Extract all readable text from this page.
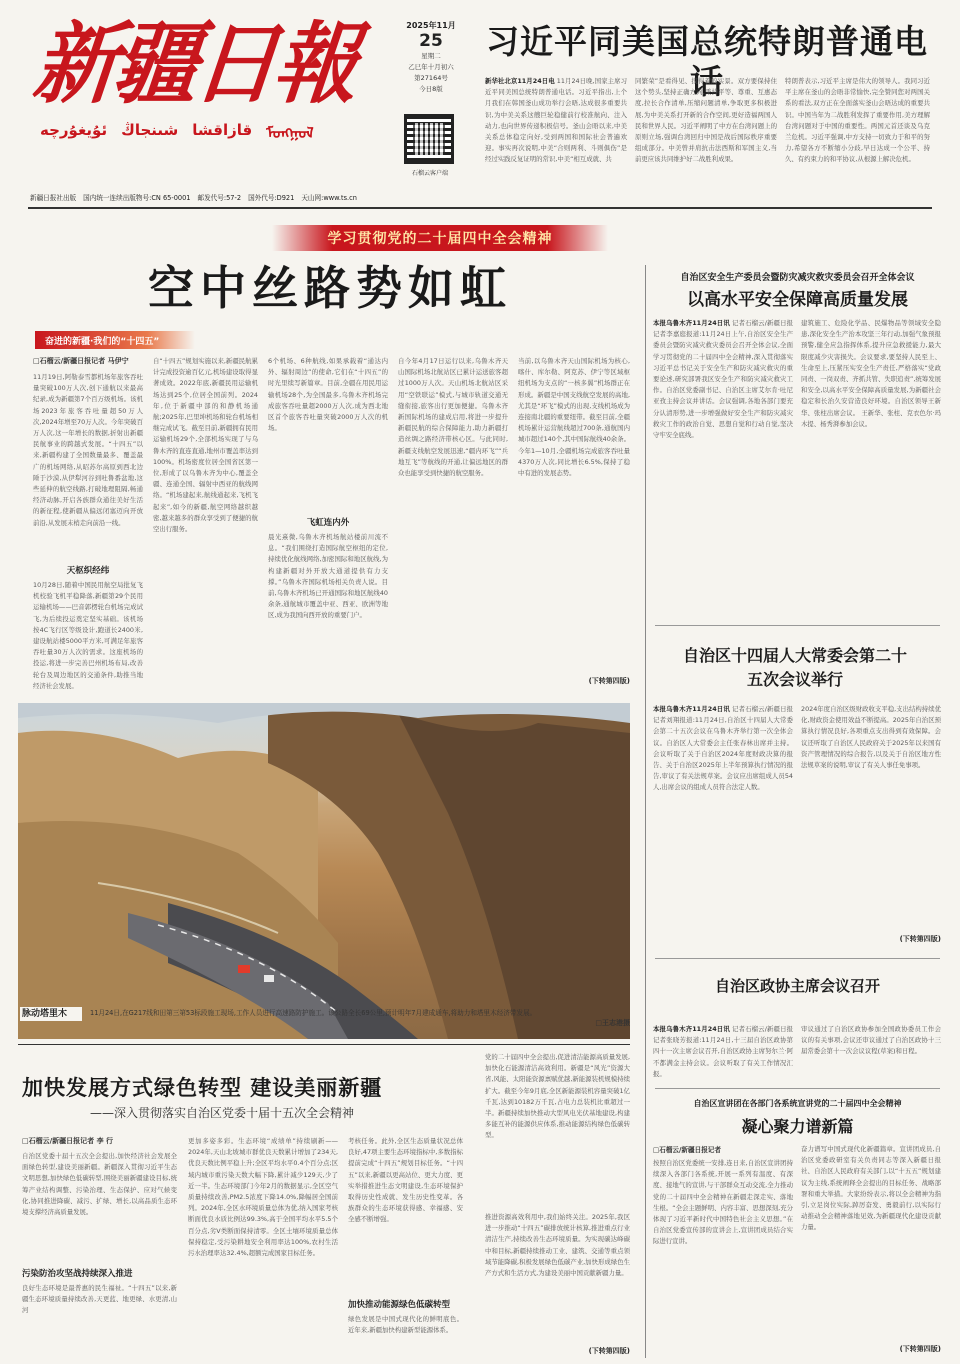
新疆日報
ئۇيغۇرچە شىنجاڭ قازاقشا ᠮᠣᠩᠭᠣᠯ
2025年11月
25
星期二
乙巳年十月初六
第27164号
今日8版
石榴云客户端
新疆日报社出版 国内统一连续出版物号:CN 65-0001 邮发代号:57-2 国外代号:D921 天山网:www.ts.cn
习近平同美国总统特朗普通电话
新华社北京11月24日电 11月24日晚,国家主席习近平同美国总统特朗普通电话。习近平指出,上个月我们在韩国釜山成功举行会晤,达成很多重要共识,为中美关系这艘巨轮稳健前行校准航向、注入动力,也向世界传递积极信号。釜山会晤以来,中美关系总体稳定向好,受到两国和国际社会普遍欢迎。事实再次说明,中美“合则两利、斗则俱伤”是经过实践反复证明的常识,中美“相互成就、共
同繁荣”是看得见、摸得着的实景。双方要保持住这个势头,坚持正确方向,秉持平等、尊重、互惠态度,拉长合作清单,压缩问题清单,争取更多积极进展,为中美关系打开新的合作空间,更好造福两国人民和世界人民。习近平阐明了中方在台湾问题上的原则立场,强调台湾回归中国是战后国际秩序重要组成部分。中美曾并肩抗击法西斯和军国主义,当前更应该共同维护好二战胜利成果。
特朗普表示,习近平主席是伟大的领导人。我同习近平主席在釜山的会晤非常愉快,完全赞同您对两国关系的看法,双方正在全面落实釜山会晤达成的重要共识。中国当年为二战胜利发挥了重要作用,美方理解台湾问题对于中国的重要性。两国元首还谈及乌克兰危机。习近平强调,中方支持一切致力于和平的努力,希望各方不断缩小分歧,早日达成一个公平、持久、有约束力的和平协议,从根源上解决危机。
学习贯彻党的二十届四中全会精神
空中丝路势如虹
奋进的新疆·我们的“十四五”
□石榴云/新疆日报记者 马伊宁
11月19日,阿勒泰雪都机场年旅客吞吐量突破100万人次,创下通航以来最高纪录,成为新疆第7个百万级机场。该机场2023年旅客吞吐量超50万人次,2024年增至70万人次。今年突破百万人次,这一年增长的数据,折射出新疆民航事业的跨越式发展。“十四五”以来,新疆构建了全国数量最多、覆盖最广的机场网络,从昭苏尔高原到西北边陲于沙漠,从伊犁河谷到吐鲁番盆地,这些延伸的航空线路,打破地理阻隔,畅通经济动脉,开启各族群众通往美好生活的新征程,使新疆从偏远闭塞迈向开放前沿,从发展末梢走向前沿一线。
天枢织经纬
10月28日,随着中国民用航空局批复飞机校验飞机平稳降落,新疆第29个民用运输机场——巴音郭楞轮台机场完成试飞,为后续投运奠定坚实基础。该机场按4C飞行区等级设计,跑道长2400米,建设航站楼5000平方米,可满足年旅客吞吐量30万人次的需求。这座机场的投运,将进一步完善巴州机场布局,改善轮台及周边地区的交通条件,助推当地经济社会发展。
自“十四五”规划实施以来,新疆民航累计完成投资逾百亿元,机场建设取得显著成效。2022年底,新疆民用运输机场达到25个,位居全国前列。2024年,位于新疆中部的和静机场通航;2025年,巴里坤机场和轮台机场相继完成试飞。截至目前,新疆拥有民用运输机场29个,全部机场实现了与乌鲁木齐的直连直通,地州市覆盖率达到100%。机场密度位居全国省区第一位,形成了以乌鲁木齐为中心,覆盖全疆、连通全国、辐射中西亚的航线网络。“机场建起来,航线通起来,飞机飞起来”,如今的新疆,航空网络越织越密,越来越多的群众享受到了便捷的航空出行服务。
6个机场、6种航线,如果承载着“通达内外、辐射周边”的使命,它们在“十四五”的时光里续写新篇章。目前,全疆在用民用运输机场28个,为全国最多,乌鲁木齐机场完成旅客吞吐量超2000万人次,成为西北地区首个旅客吞吐量突破2000万人次的机场。
飞虹连内外
晨光熹微,乌鲁木齐机场航站楼前川流不息。“我们围绕打造国际航空枢纽的定位,持续优化航线网络,加密国际和地区航线,为构建新疆对外开放大通道提供有力支撑。”乌鲁木齐国际机场相关负责人说。目前,乌鲁木齐机场已开通国际和地区航线40余条,通航城市覆盖中亚、西亚、欧洲等地区,成为我国向西开放的重要门户。
自今年4月17日运行以来,乌鲁木齐天山国际机场北航站区已累计运送旅客超过1000万人次。天山机场北航站区采用“空铁联运”模式,与城市轨道交通无缝衔接,旅客出行更加便捷。乌鲁木齐新国际机场的建成启用,将进一步提升新疆民航的综合保障能力,助力新疆打造丝绸之路经济带核心区。与此同时,新疆支线航空发展迅速,“疆内环飞”“兵地互飞”等航线的开通,让偏远地区的群众也能享受到快捷的航空服务。
当前,以乌鲁木齐天山国际机场为核心,喀什、库尔勒、阿克苏、伊宁等区域枢纽机场为支点的“一核多翼”机场群正在形成。新疆是中国支线航空发展的高地,尤其是“环飞”模式的出现,支线机场成为连接南北疆的重要纽带。截至目前,全疆机场累计运营航线超过700条,通航国内城市超过140个,其中国际航线40余条。今年1—10月,全疆机场完成旅客吞吐量4370万人次,同比增长6.5%,保持了稳中有进的发展态势。
(下转第四版)
脉动塔里木	11月24日,在G217线和田第三第53标段施工现场,工作人员进行高速路防护施工。该公路全长69公里,预计明年7月建成通车,将助力和塔里木经济带发展。
□王志港摄
加快发展方式绿色转型 建设美丽新疆
——深入贯彻落实自治区党委十届十五次全会精神
□石榴云/新疆日报记者 李 行
自治区党委十届十五次全会提出,加快经济社会发展全面绿色转型,建设美丽新疆。新疆深入贯彻习近平生态文明思想,加快绿色低碳转型,围绕美丽新疆建设目标,统筹产业结构调整、污染治理、生态保护、应对气候变化,协同推进降碳、减污、扩绿、增长,以高品质生态环境支撑经济高质量发展。
污染防治攻坚战持续深入推进
良好生态环境是最普惠的民生福祉。“十四五”以来,新疆生态环境质量持续改善,天更蓝、地更绿、水更清,山河
更加多姿多彩。生态环境“成绩单”持续刷新——2024年,天山北坡城市群优良天数累计增加了234天,优良天数比例平稳上升;全区平均水平0.4个百分点;区域内城市重污染天数大幅下降,累计减少129天,少了近一半。生态环境部门今年2月的数据显示,全区空气质量持续改善,PM2.5浓度下降14.0%,降幅居全国前列。2024年,全区水环境质量总体为优,纳入国家考核断面优良水质比例达99.3%,高于全国平均水平5.5个百分点,劣Ⅴ类断面保持清零。全区土壤环境质量总体保持稳定,受污染耕地安全利用率达100%,农村生活污水治理率达32.4%,超额完成国家目标任务。
考核任务。此外,全区生态质量状况总体良好,47项主要生态环境指标中,多数指标提前完成“十四五”规划目标任务。“十四五”以来,新疆以更高站位、更大力度、更实举措推进生态文明建设,生态环境保护取得历史性成就、发生历史性变革。各族群众的生态环境获得感、幸福感、安全感不断增强。
加快推动能源绿色低碳转型
绿色发展是中国式现代化的鲜明底色。近年来,新疆加快构建新型能源体系。
党的二十届四中全会提出,促进清洁能源高质量发展,加快化石能源清洁高效利用。新疆是“风光”资源大省,风能、太阳能资源禀赋优越,新能源装机规模持续扩大。截至今年9月底,全区新能源装机容量突破1亿千瓦,达到10182万千瓦,占电力总装机比重超过一半。新疆持续加快推动大型风电光伏基地建设,构建多能互补的能源供应体系,推动能源结构绿色低碳转型。
推进资源高效利用中,我们始终关注。2025年,我区进一步推动“十四五”碳排放统计核算,推进重点行业清洁生产,持续改善生态环境质量。为实现碳达峰碳中和目标,新疆持续推动工业、建筑、交通等重点领域节能降碳,积极发展绿色低碳产业,加快形成绿色生产方式和生活方式,为建设美丽中国贡献新疆力量。
(下转第四版)
自治区安全生产委员会暨防灾减灾救灾委员会召开全体会议
以高水平安全保障高质量发展
本报乌鲁木齐11月24日讯 记者石榴云/新疆日报记者李嘉庭报道:11月24日上午,自治区安全生产委员会暨防灾减灾救灾委员会召开全体会议,全面学习贯彻党的二十届四中全会精神,深入贯彻落实习近平总书记关于安全生产和防灾减灾救灾的重要论述,研究部署我区安全生产和防灾减灾救灾工作。自治区党委副书记、自治区主席艾尔肯·吐尼亚孜主持会议并讲话。会议强调,各地各部门要充分认清形势,进一步增强做好安全生产和防灾减灾救灾工作的政治自觉、思想自觉和行动自觉,坚决守牢安全底线。
建筑施工、危险化学品、民爆物品等领域安全隐患,深化安全生产治本攻坚三年行动,加强气象预报预警,健全应急指挥体系,提升应急救援能力,最大限度减少灾害损失。会议要求,要坚持人民至上、生命至上,压紧压实安全生产责任,严格落实“党政同责、一岗双责、齐抓共管、失职追责”,统筹发展和安全,以高水平安全保障高质量发展,为新疆社会稳定和长治久安营造良好环境。自治区领导王新华、张柱出席会议。 王新华、张柱、克衣色尔·玛木提、杨秀湃参加会议。
自治区十四届人大常委会第二十五次会议举行
本报乌鲁木齐11月24日讯 记者石榴云/新疆日报记者刘翔报道:11月24日,自治区十四届人大常委会第二十五次会议在乌鲁木齐举行第一次全体会议。自治区人大常委会主任张春林出席并主持。会议听取了关于自治区2024年度财政决算的报告、关于自治区2025年上半年预算执行情况的报告,审议了有关法规草案。会议应出席组成人员54人,出席会议的组成人员符合法定人数。
2024年度自治区级财政收支平稳,支出结构持续优化,财政资金使用效益不断提高。2025年自治区预算执行情况良好,各项重点支出得到有效保障。会议还听取了自治区人民政府关于2025年以来国有资产管理情况的综合报告,以及关于自治区地方性法规草案的说明,审议了有关人事任免事项。
(下转第四版)
自治区政协主席会议召开
本报乌鲁木齐11月24日讯 记者石榴云/新疆日报记者张晓芳报道:11月24日,十三届自治区政协第四十一次主席会议召开,自治区政协主席努尔兰·阿不都满金主持会议。会议听取了有关工作情况汇报。
审议通过了自治区政协参加全国政协委员工作会议的有关事项,会议还审议通过了自治区政协十三届常委会第十一次会议议程(草案)和日程。
自治区宣讲团在各部门各系统宣讲党的二十届四中全会精神
凝心聚力谱新篇
□石榴云/新疆日报记者
按照自治区党委统一安排,连日来,自治区宣讲团持续深入各部门各系统,开展一系列有温度、有深度、接地气的宣讲,与干部群众互动交流,全力推动党的二十届四中全会精神在新疆走深走实、落地生根。“全会主题鲜明、内容丰富、思想深刻,充分体现了习近平新时代中国特色社会主义思想。”在自治区党委宣传部的宣讲会上,宣讲团成员结合实际进行宣讲。
奋力谱写中国式现代化新疆篇章。宣讲团成员,自治区党委政研室有关负责同志等深入新疆日报社、自治区人民政府有关部门,以“十五五”规划建议为主线,系统阐释全会提出的目标任务、战略部署和重大举措。大家纷纷表示,将以全会精神为指引,立足岗位实际,踔厉奋发、勇毅前行,以实际行动推动全会精神落地见效,为新疆现代化建设贡献力量。
(下转第四版)
